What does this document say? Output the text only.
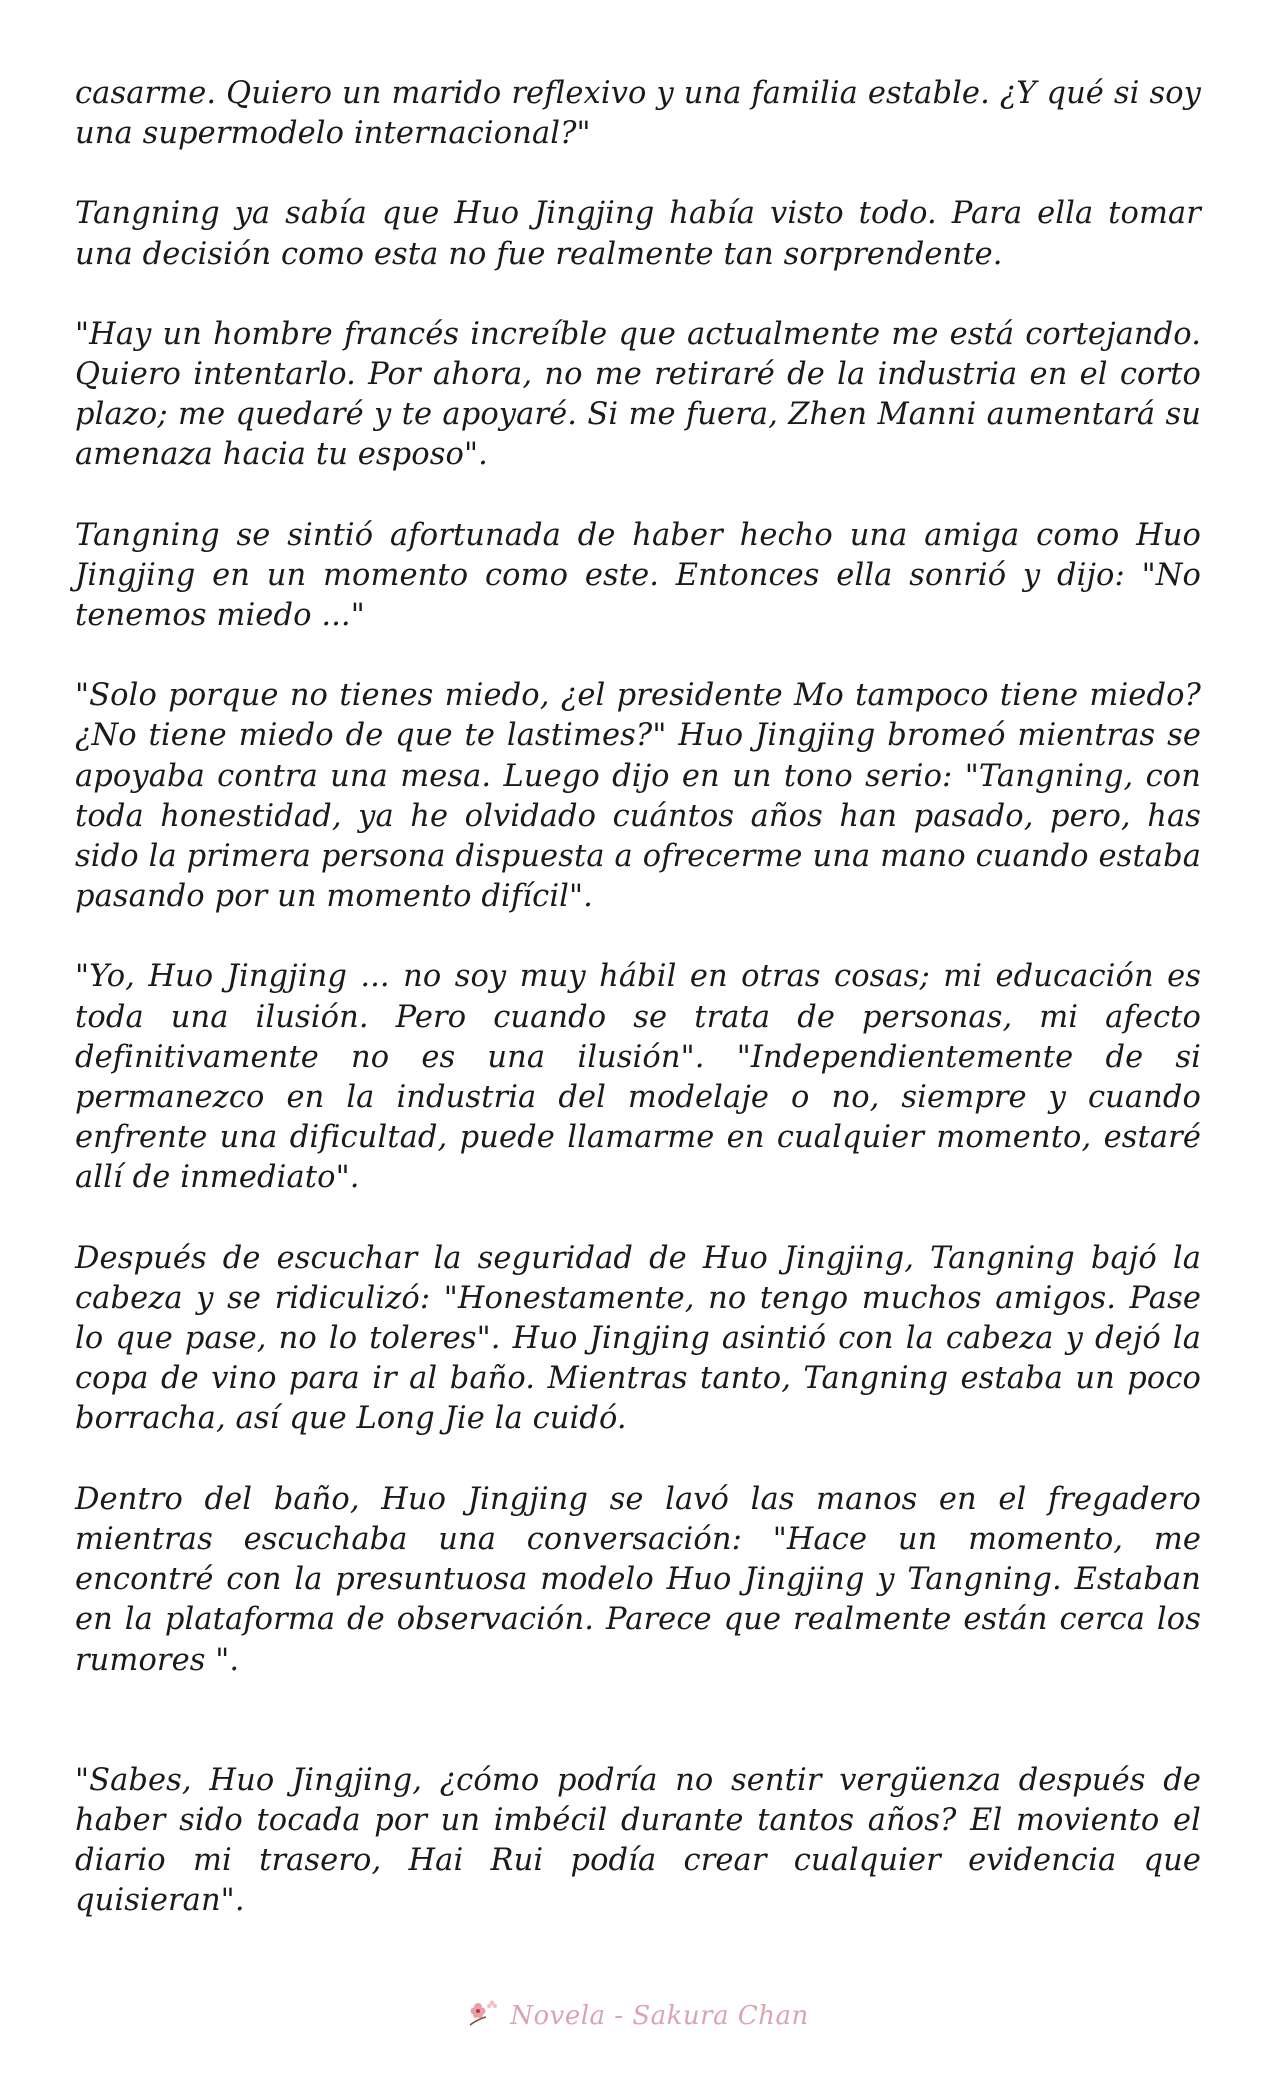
casarme. Quiero un marido reflexivo y una familia estable. ¿Y qué si soy una supermodelo internacional?"

Tangning ya sabía que Huo Jingjing había visto todo. Para ella tomar una decisión como esta no fue realmente tan sorprendente.

"Hay un hombre francés increíble que actualmente me está cortejando. Quiero intentarlo. Por ahora, no me retiraré de la industria en el corto plazo; me quedaré y te apoyaré. Si me fuera, Zhen Manni aumentará su amenaza hacia tu esposo".

Tangning se sintió afortunada de haber hecho una amiga como Huo Jingjing en un momento como este. Entonces ella sonrió y dijo: "No tenemos miedo ..."

"Solo porque no tienes miedo, ¿el presidente Mo tampoco tiene miedo? ¿No tiene miedo de que te lastimes?" Huo Jingjing bromeó mientras se apoyaba contra una mesa. Luego dijo en un tono serio: "Tangning, con toda honestidad, ya he olvidado cuántos años han pasado, pero, has sido la primera persona dispuesta a ofrecerme una mano cuando estaba pasando por un momento difícil".

"Yo, Huo Jingjing ... no soy muy hábil en otras cosas; mi educación es toda una ilusión. Pero cuando se trata de personas, mi afecto definitivamente no es una ilusión". "Independientemente de si permanezco en la industria del modelaje o no, siempre y cuando enfrente una dificultad, puede llamarme en cualquier momento, estaré allí de inmediato".

Después de escuchar la seguridad de Huo Jingjing, Tangning bajó la cabeza y se ridiculizó: "Honestamente, no tengo muchos amigos. Pase lo que pase, no lo toleres". Huo Jingjing asintió con la cabeza y dejó la copa de vino para ir al baño. Mientras tanto, Tangning estaba un poco borracha, así que Long Jie la cuidó.

Dentro del baño, Huo Jingjing se lavó las manos en el fregadero mientras escuchaba una conversación: "Hace un momento, me encontré con la presuntuosa modelo Huo Jingjing y Tangning. Estaban en la plataforma de observación. Parece que realmente están cerca los rumores ".

"Sabes, Huo Jingjing, ¿cómo podría no sentir vergüenza después de haber sido tocada por un imbécil durante tantos años? El moviento el diario mi trasero, Hai Rui podía crear cualquier evidencia que quisieran".

Novela - Sakura Chan
